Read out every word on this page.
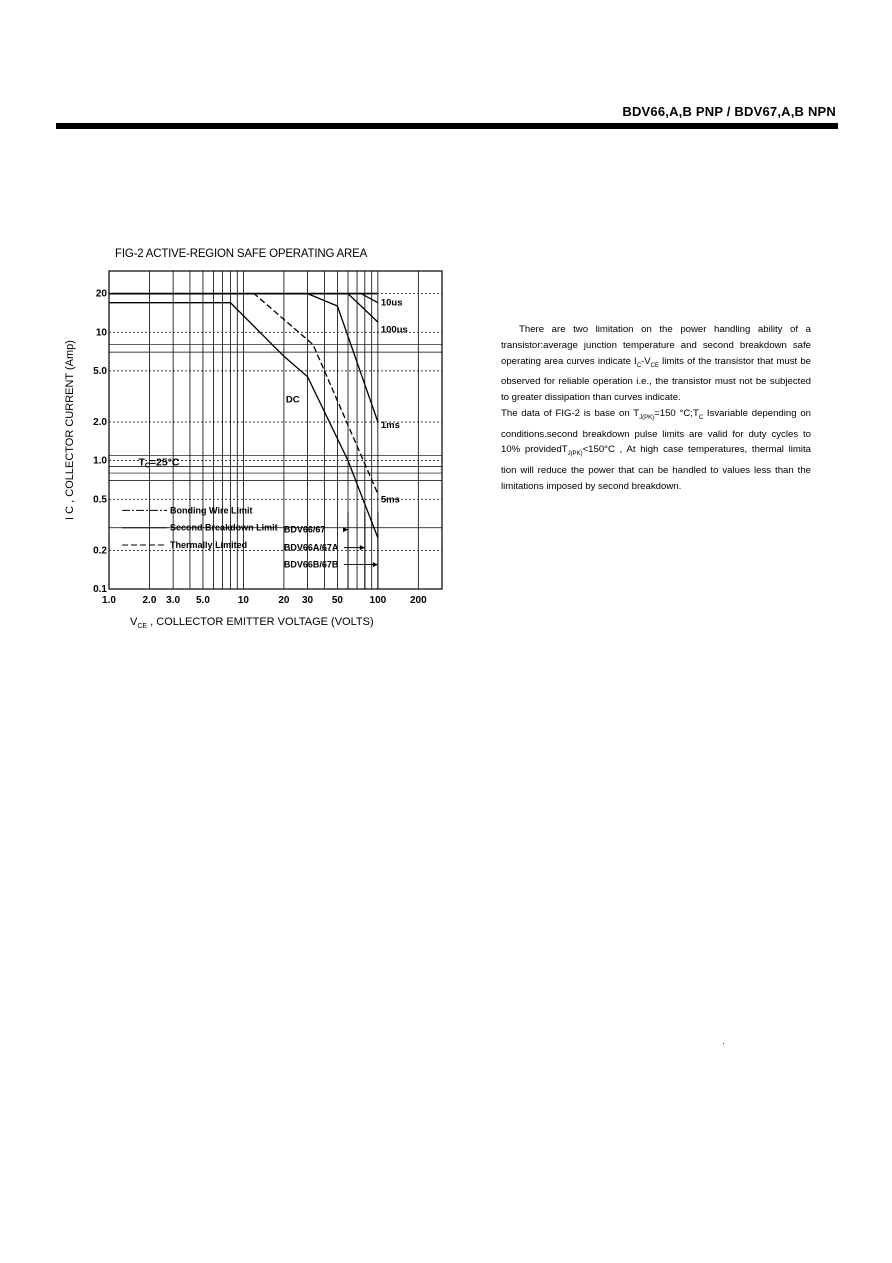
BDV66,A,B PNP / BDV67,A,B NPN
FIG-2 ACTIVE-REGION SAFE OPERATING AREA
1.0	2.0 3.0 5.0	10	20 30 50	100 200
0.1
0.2
0.5
1.0
2.0
5.0
10
20
I C , COLLECTOR CURRENT (Amp)
10us
100us
DC
1ms
5ms
TC=25°C
Bonding Wire Limit
Second Breakdown Limit
Thermally Limited
BDV66/67
BDV66A/67A
BDV66B/67B
$V_{CE}$ , COLLECTOR EMITTER VOLTAGE (VOLTS)

There are two limitation on the power handling ability of a transistor:average junction temperature and second breakdown safe operating area curves indicate $I_C-V_{CE}$ limits of the transistor that must be observed for reliable operation i.e., the transistor must not be subjected to greater dissipation than curves indicate.

The data of FIG-2 is base on $T_{J(PK)}=150$ $^\circ C;T_C$ Isvariable depending on conditions.second breakdown pulse limits are valid for duty cycles to 10% providedT$_{J(PK)}$<150°C , At high case temperatures, thermal limita tion will reduce the power that can be handled to values less than the limitations imposed by second breakdown.
